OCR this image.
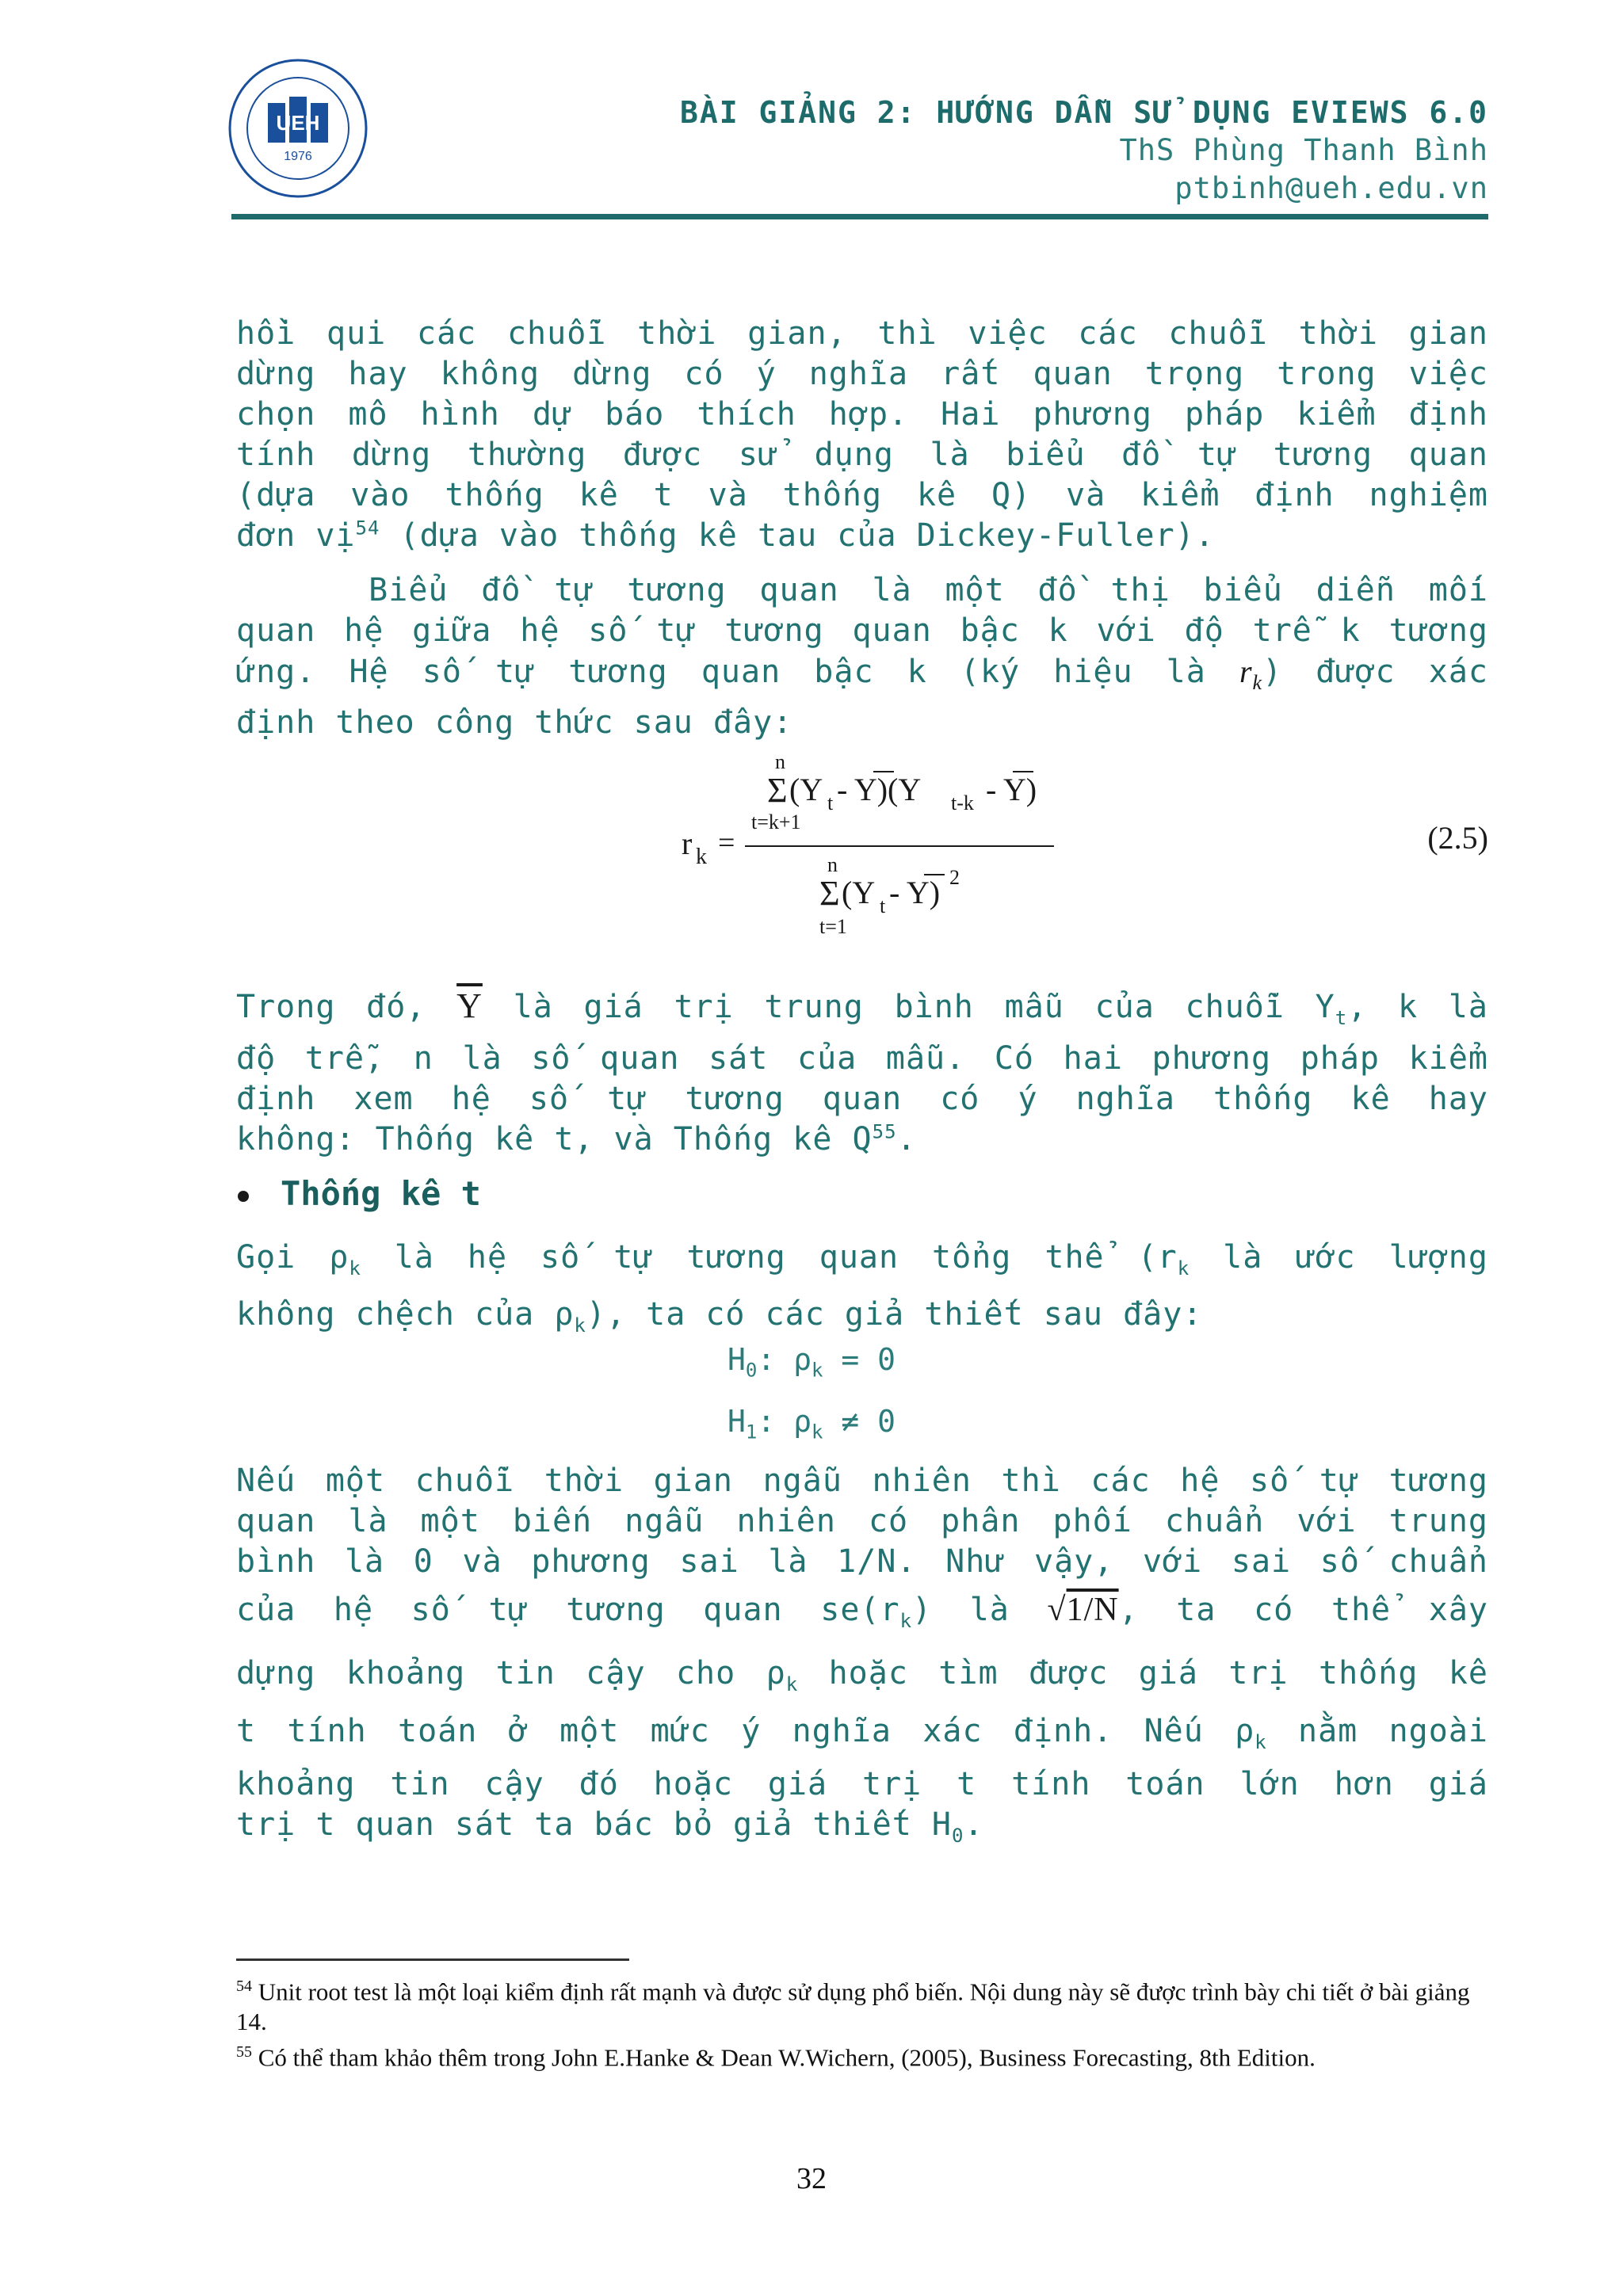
UEH
1976
BÀI GIẢNG 2: HƯỚNG DẪN SỬ DỤNG EVIEWS 6.0
ThS Phùng Thanh Bình
ptbinh@ueh.edu.vn
hồi qui các chuỗi thời gian, thì việc các chuỗi thời gian
dừng hay không dừng có ý nghĩa rất quan trọng trong việc
chọn mô hình dự báo thích hợp. Hai phương pháp kiểm định
tính dừng thường được sử dụng là biểu đồ tự tương quan
(dựa vào thống kê t và thống kê Q) và kiểm định nghiệm
đơn vị$^{54}$ (dựa vào thống kê tau của Dickey-Fuller).
Biểu đồ tự tương quan là một đồ thị biểu diễn mối
quan hệ giữa hệ số tự tương quan bậc k với độ trễ k tương
ứng. Hệ số tự tương quan bậc k (ký hiệu là $r_k$) được xác
định theo công thức sau đây:
r k =
n
Σ
t=k+1
(Y t - Y)(Y t-k - Y)
n
Σ
t=1
(Y t - Y) 2
(2.5)
Trong đó, $\overline{Y}$ là giá trị trung bình mẫu của chuỗi $Y_t$, k là
độ trễ, n là số quan sát của mẫu. Có hai phương pháp kiểm
định xem hệ số tự tương quan có ý nghĩa thống kê hay
không: Thống kê t, và Thống kê Q$^{55}$.
Thống kê t
Gọi $\rho_k$ là hệ số tự tương quan tổng thể ($r_k$ là ước lượng
không chệch của $\rho_k$), ta có các giả thiết sau đây:
$H_0$: $\rho_k = 0$
$H_1$: $\rho_k \ne 0$
Nếu một chuỗi thời gian ngẫu nhiên thì các hệ số tự tương
quan là một biến ngẫu nhiên có phân phối chuẩn với trung
bình là 0 và phương sai là 1/N. Như vậy, với sai số chuẩn
của hệ số tự tương quan $se(r_k)$ là √1/N, ta có thể xây
dựng khoảng tin cậy cho $\rho_k$ hoặc tìm được giá trị thống kê
t tính toán ở một mức ý nghĩa xác định. Nếu $\rho_k$ nằm ngoài
khoảng tin cậy đó hoặc giá trị t tính toán lớn hơn giá
trị t quan sát ta bác bỏ giả thiết $H_0$.
$^{54}$ Unit root test là một loại kiểm định rất mạnh và được sử dụng phổ biến. Nội dung này sẽ được trình bày chi tiết ở bài giảng 14.
$^{55}$ Có thể tham khảo thêm trong John E.Hanke & Dean W.Wichern, (2005), Business Forecasting, 8th Edition.
32
